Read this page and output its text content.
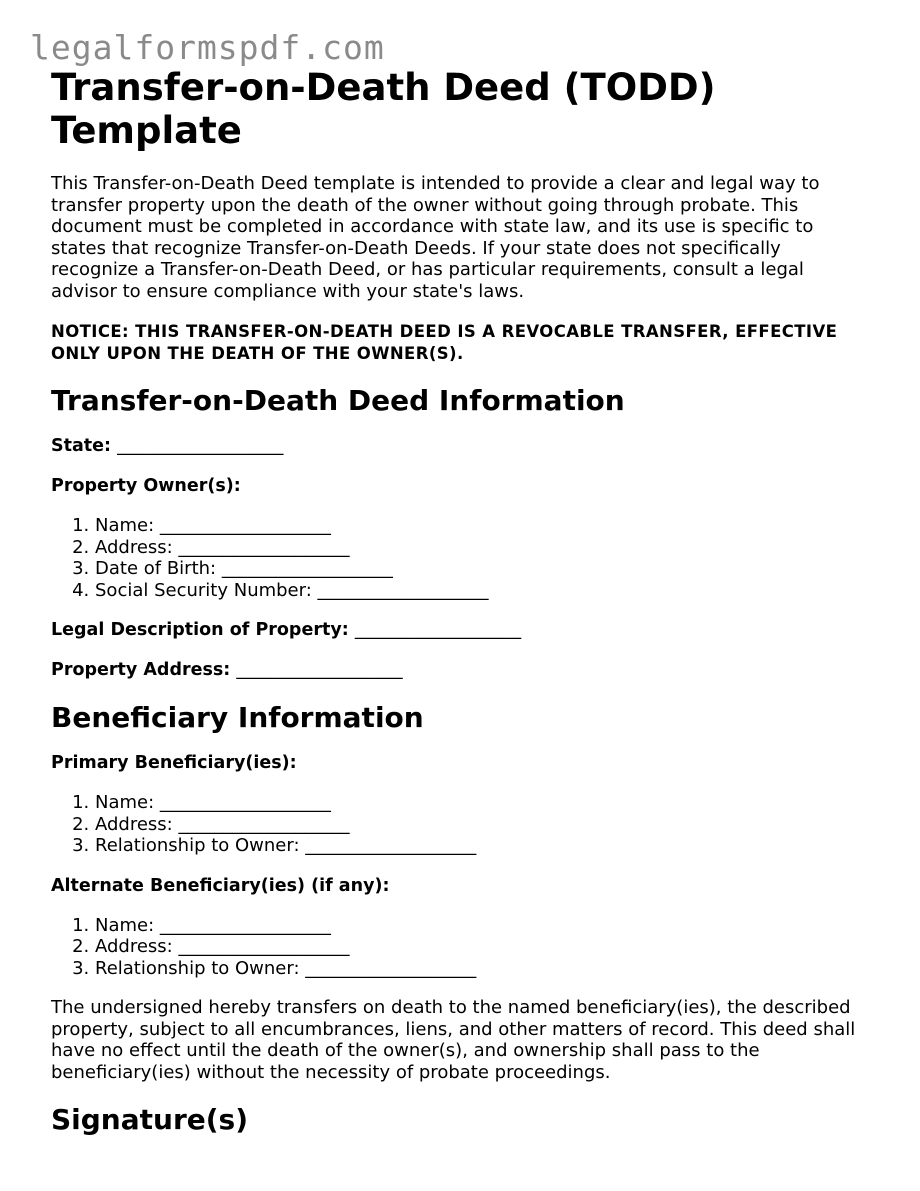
legalformspdf.com
Transfer-on-Death Deed (TODD) Template

This Transfer-on-Death Deed template is intended to provide a clear and legal way to transfer property upon the death of the owner without going through probate. This document must be completed in accordance with state law, and its use is specific to states that recognize Transfer-on-Death Deeds. If your state does not specifically recognize a Transfer-on-Death Deed, or has particular requirements, consult a legal advisor to ensure compliance with your state's laws.

NOTICE: THIS TRANSFER-ON-DEATH DEED IS A REVOCABLE TRANSFER, EFFECTIVE ONLY UPON THE DEATH OF THE OWNER(S).

Transfer-on-Death Deed Information
State: ___________________
Property Owner(s):
1. Name: ___________________
2. Address: ___________________
3. Date of Birth: ___________________
4. Social Security Number: ___________________
Legal Description of Property: ___________________
Property Address: ___________________
Beneficiary Information
Primary Beneficiary(ies):
1. Name: ___________________
2. Address: ___________________
3. Relationship to Owner: ___________________
Alternate Beneficiary(ies) (if any):
1. Name: ___________________
2. Address: ___________________
3. Relationship to Owner: ___________________

The undersigned hereby transfers on death to the named beneficiary(ies), the described property, subject to all encumbrances, liens, and other matters of record. This deed shall have no effect until the death of the owner(s), and ownership shall pass to the beneficiary(ies) without the necessity of probate proceedings.

Signature(s)
